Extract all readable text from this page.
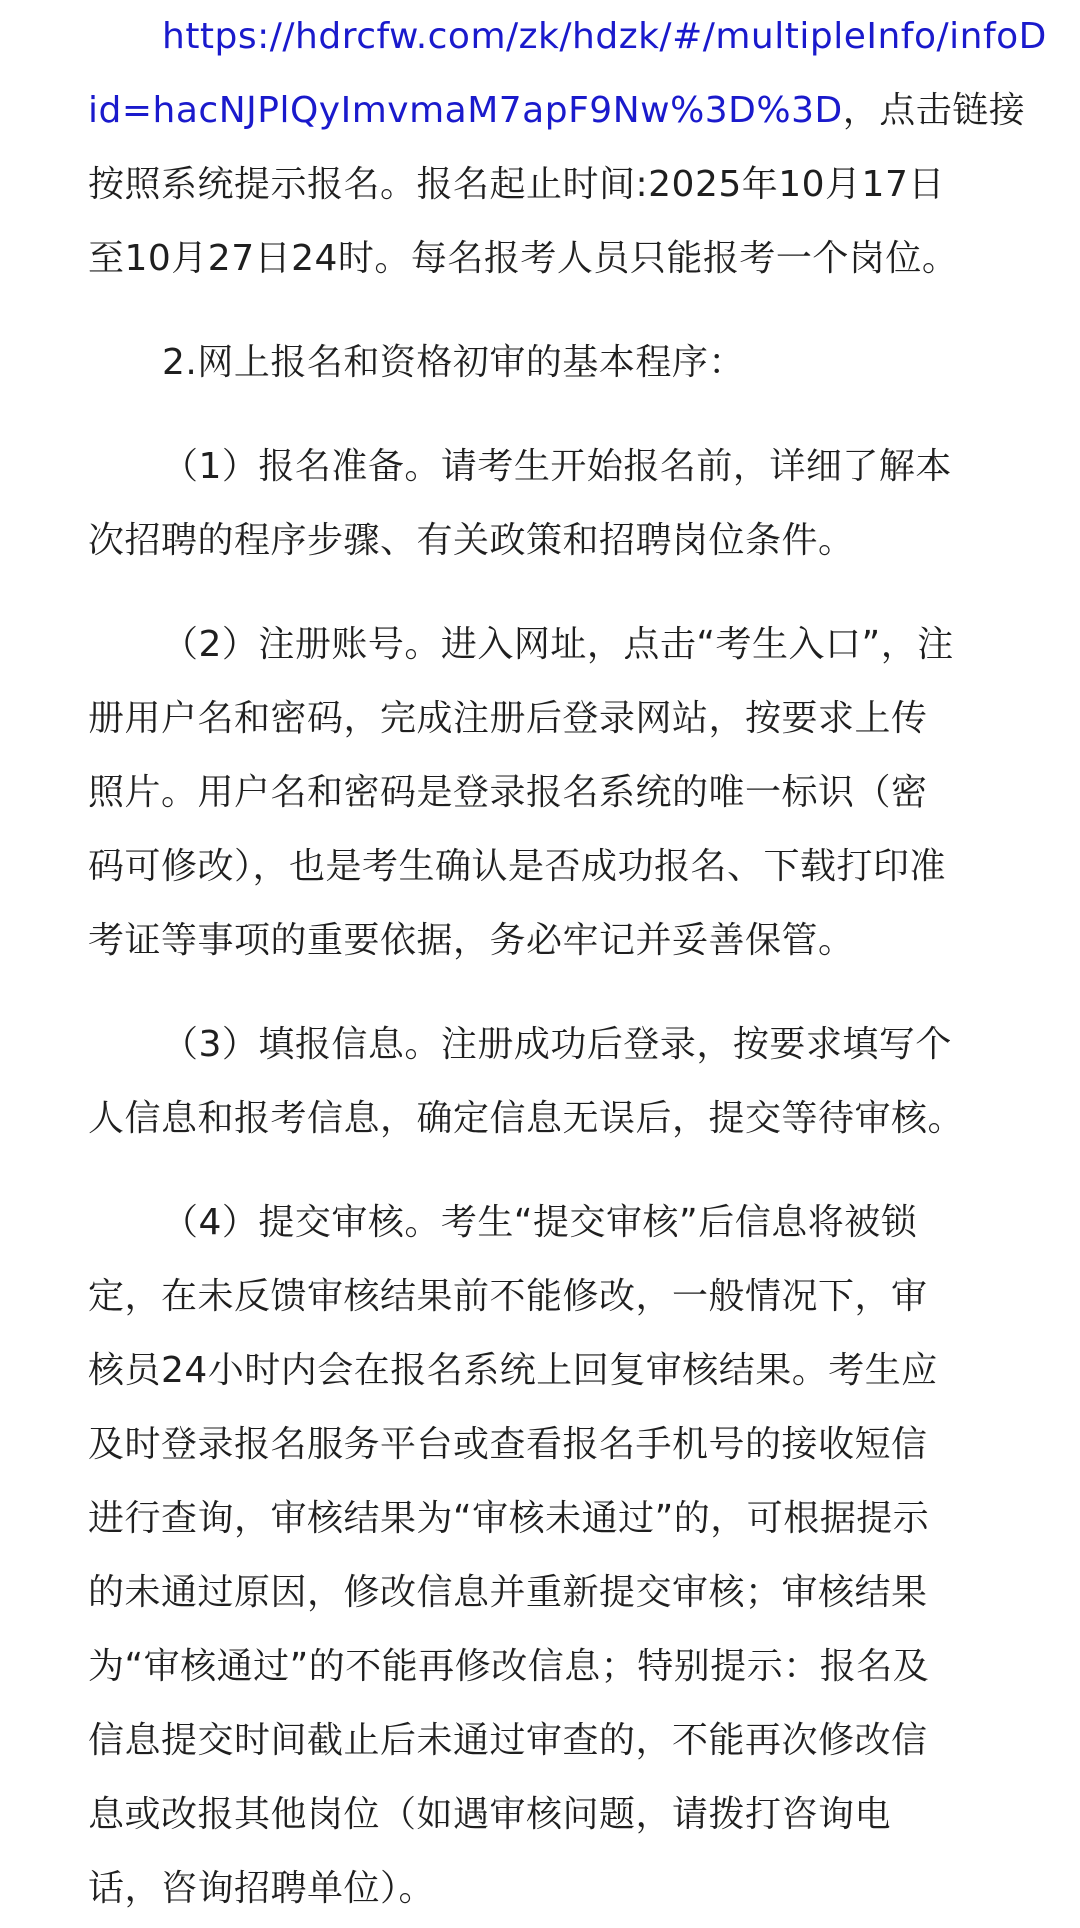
https://hdrcfw.com/zk/hdzk/#/multipleInfo/infoD
id=hacNJPlQyImvmaM7apF9Nw%3D%3D，点击链接
按照系统提示报名。报名起止时间:2025年10月17日
至10月27日24时。每名报考人员只能报考一个岗位。
2.网上报名和资格初审的基本程序：
（1）报名准备。请考生开始报名前，详细了解本
次招聘的程序步骤、有关政策和招聘岗位条件。
（2）注册账号。进入网址，点击“考生入口”，注
册用户名和密码，完成注册后登录网站，按要求上传
照片。用户名和密码是登录报名系统的唯一标识（密
码可修改），也是考生确认是否成功报名、下载打印准
考证等事项的重要依据，务必牢记并妥善保管。
（3）填报信息。注册成功后登录，按要求填写个
人信息和报考信息，确定信息无误后，提交等待审核。
（4）提交审核。考生“提交审核”后信息将被锁
定，在未反馈审核结果前不能修改，一般情况下，审
核员24小时内会在报名系统上回复审核结果。考生应
及时登录报名服务平台或查看报名手机号的接收短信
进行查询，审核结果为“审核未通过”的，可根据提示
的未通过原因，修改信息并重新提交审核；审核结果
为“审核通过”的不能再修改信息；特别提示：报名及
信息提交时间截止后未通过审查的，不能再次修改信
息或改报其他岗位（如遇审核问题，请拨打咨询电
话，咨询招聘单位）。
